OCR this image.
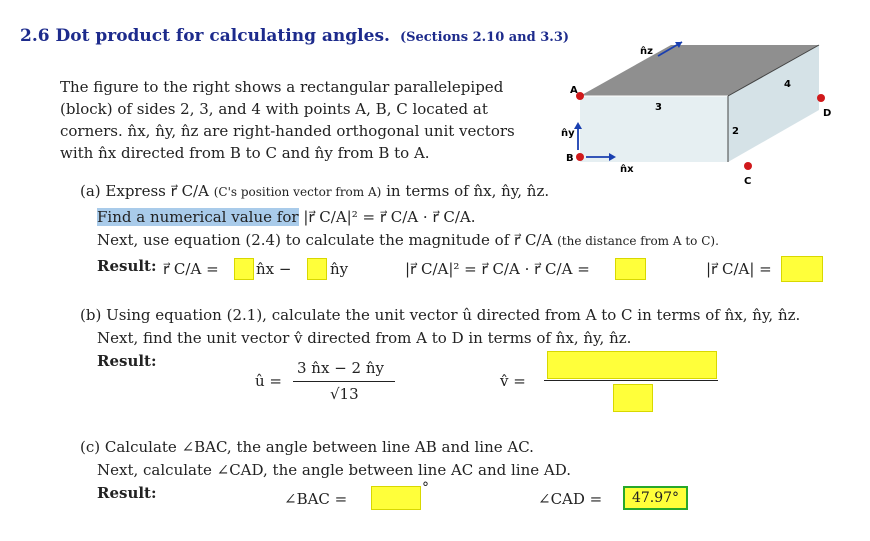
2.6 Dot product for calculating angles. (Sections 2.10 and 3.3)
The figure to the right shows a rectangular parallelepiped
(block) of sides 2, 3, and 4 with points A, B, C located at
corners. n̂x, n̂y, n̂z are right-handed orthogonal unit vectors
with n̂x directed from B to C and n̂y from B to A.
3
4
2
A
B
C
D
n̂z
n̂y
n̂x
(a) Express r⃗ C/A (C's position vector from A) in terms of n̂x, n̂y, n̂z.
Find a numerical value for |r⃗ C/A|² = r⃗ C/A · r⃗ C/A.
Next, use equation (2.4) to calculate the magnitude of r⃗ C/A (the distance from A to C).
Result: r⃗ C/A = n̂x −	n̂y	|r⃗ C/A|² = r⃗ C/A · r⃗ C/A =	|r⃗ C/A| =
(b) Using equation (2.1), calculate the unit vector û directed from A to C in terms of n̂x, n̂y, n̂z.
Next, find the unit vector v̂ directed from A to D in terms of n̂x, n̂y, n̂z.
Result:
û =
3 n̂x − 2 n̂y
√13
v̂ =
(c) Calculate ∠BAC, the angle between line AB and line AC.
Next, calculate ∠CAD, the angle between line AC and line AD.
Result:	∠BAC =
°
∠CAD =	47.97°
